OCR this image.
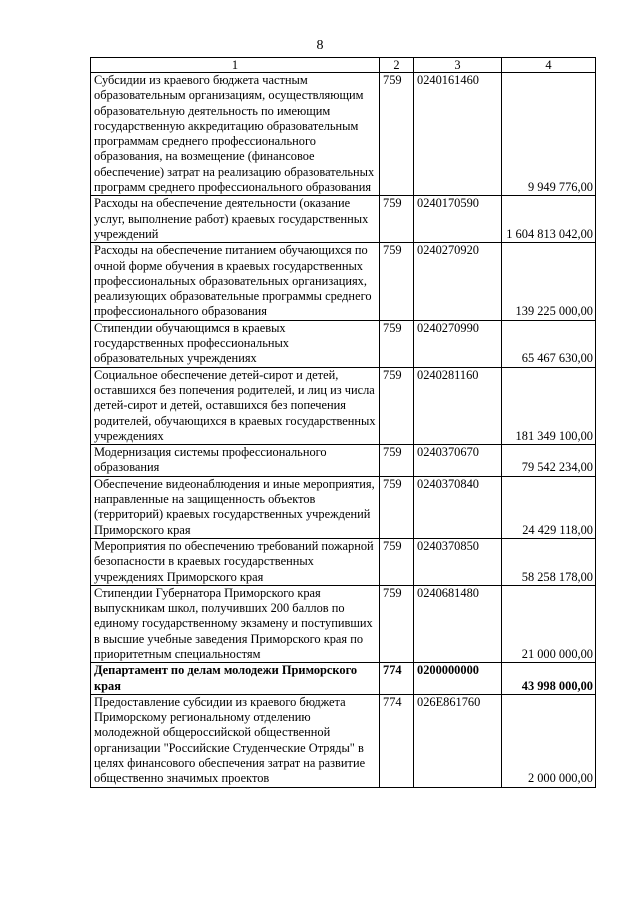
8
1	2	3	4
Субсидии из краевого бюджета частным образовательным организациям, осуществляющим образовательную деятельность по имеющим государственную аккредитацию образовательным программам среднего профессионального образования, на возмещение (финансовое обеспечение) затрат на реализацию образовательных программ среднего профессионального образования	759	0240161460	9 949 776,00
Расходы на обеспечение деятельности (оказание услуг, выполнение работ) краевых государственных учреждений	759	0240170590	1 604 813 042,00
Расходы на обеспечение питанием обучающихся по очной форме обучения в краевых государственных профессиональных образовательных организациях, реализующих образовательные программы среднего профессионального образования	759	0240270920	139 225 000,00
Стипендии обучающимся в краевых государственных профессиональных образовательных учреждениях	759	0240270990	65 467 630,00
Социальное обеспечение детей-сирот и детей, оставшихся без попечения родителей, и лиц из числа детей-сирот и детей, оставшихся без попечения родителей, обучающихся в краевых государственных учреждениях	759	0240281160	181 349 100,00
Модернизация системы профессионального образования	759	0240370670	79 542 234,00
Обеспечение видеонаблюдения и иные мероприятия, направленные на защищенность объектов (территорий) краевых государственных учреждений Приморского края	759	0240370840	24 429 118,00
Мероприятия по обеспечению требований пожарной безопасности в краевых государственных учреждениях Приморского края	759	0240370850	58 258 178,00
Стипендии Губернатора Приморского края выпускникам школ, получивших 200 баллов по единому государственному экзамену и поступивших в высшие учебные заведения Приморского края по приоритетным специальностям	759	0240681480	21 000 000,00
Департамент по делам молодежи Приморского края	774	0200000000	43 998 000,00
Предоставление субсидии из краевого бюджета Приморскому региональному отделению молодежной общероссийской общественной организации "Российские Студенческие Отряды" в целях финансового обеспечения затрат на развитие общественно значимых проектов	774	026E861760	2 000 000,00
